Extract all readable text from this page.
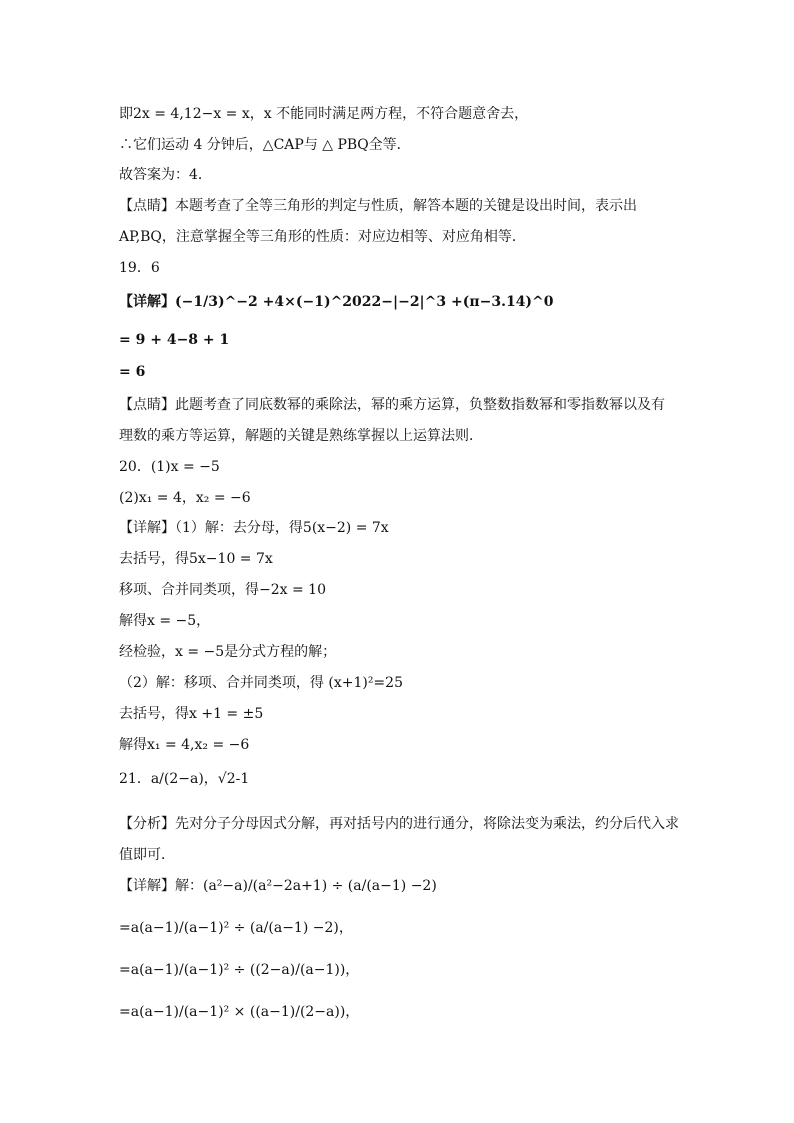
即2x = 4,12−x = x，x 不能同时满足两方程，不符合题意舍去，
∴它们运动 4 分钟后，△CAP与 △ PBQ全等．
故答案为：4．
【点睛】本题考查了全等三角形的判定与性质，解答本题的关键是设出时间，表示出
AP,BQ，注意掌握全等三角形的性质：对应边相等、对应角相等．
19．6
【详解】(−1/3)^−2 +4×(−1)^2022−|−2|^3 +(π−3.14)^0
= 9 + 4−8 + 1
= 6
【点睛】此题考查了同底数幂的乘除法，幂的乘方运算，负整数指数幂和零指数幂以及有
理数的乘方等运算，解题的关键是熟练掌握以上运算法则．
20．(1)x = −5
(2)x₁ = 4，x₂ = −6
【详解】（1）解：去分母，得5(x−2) = 7x
去括号，得5x−10 = 7x
移项、合并同类项，得−2x = 10
解得x = −5，
经检验，x = −5是分式方程的解；
（2）解：移项、合并同类项，得 (x+1)²=25
去括号，得x +1 = ±5
解得x₁ = 4,x₂ = −6
21．a/(2−a)，√2-1
【分析】先对分子分母因式分解，再对括号内的进行通分，将除法变为乘法，约分后代入求值即可．
【详解】解：(a²−a)/(a²−2a+1) ÷ (a/(a−1) −2)
=a(a−1)/(a−1)² ÷ (a/(a−1) −2)，
=a(a−1)/(a−1)² ÷ ((2−a)/(a−1))，
=a(a−1)/(a−1)² × ((a−1)/(2−a))，
